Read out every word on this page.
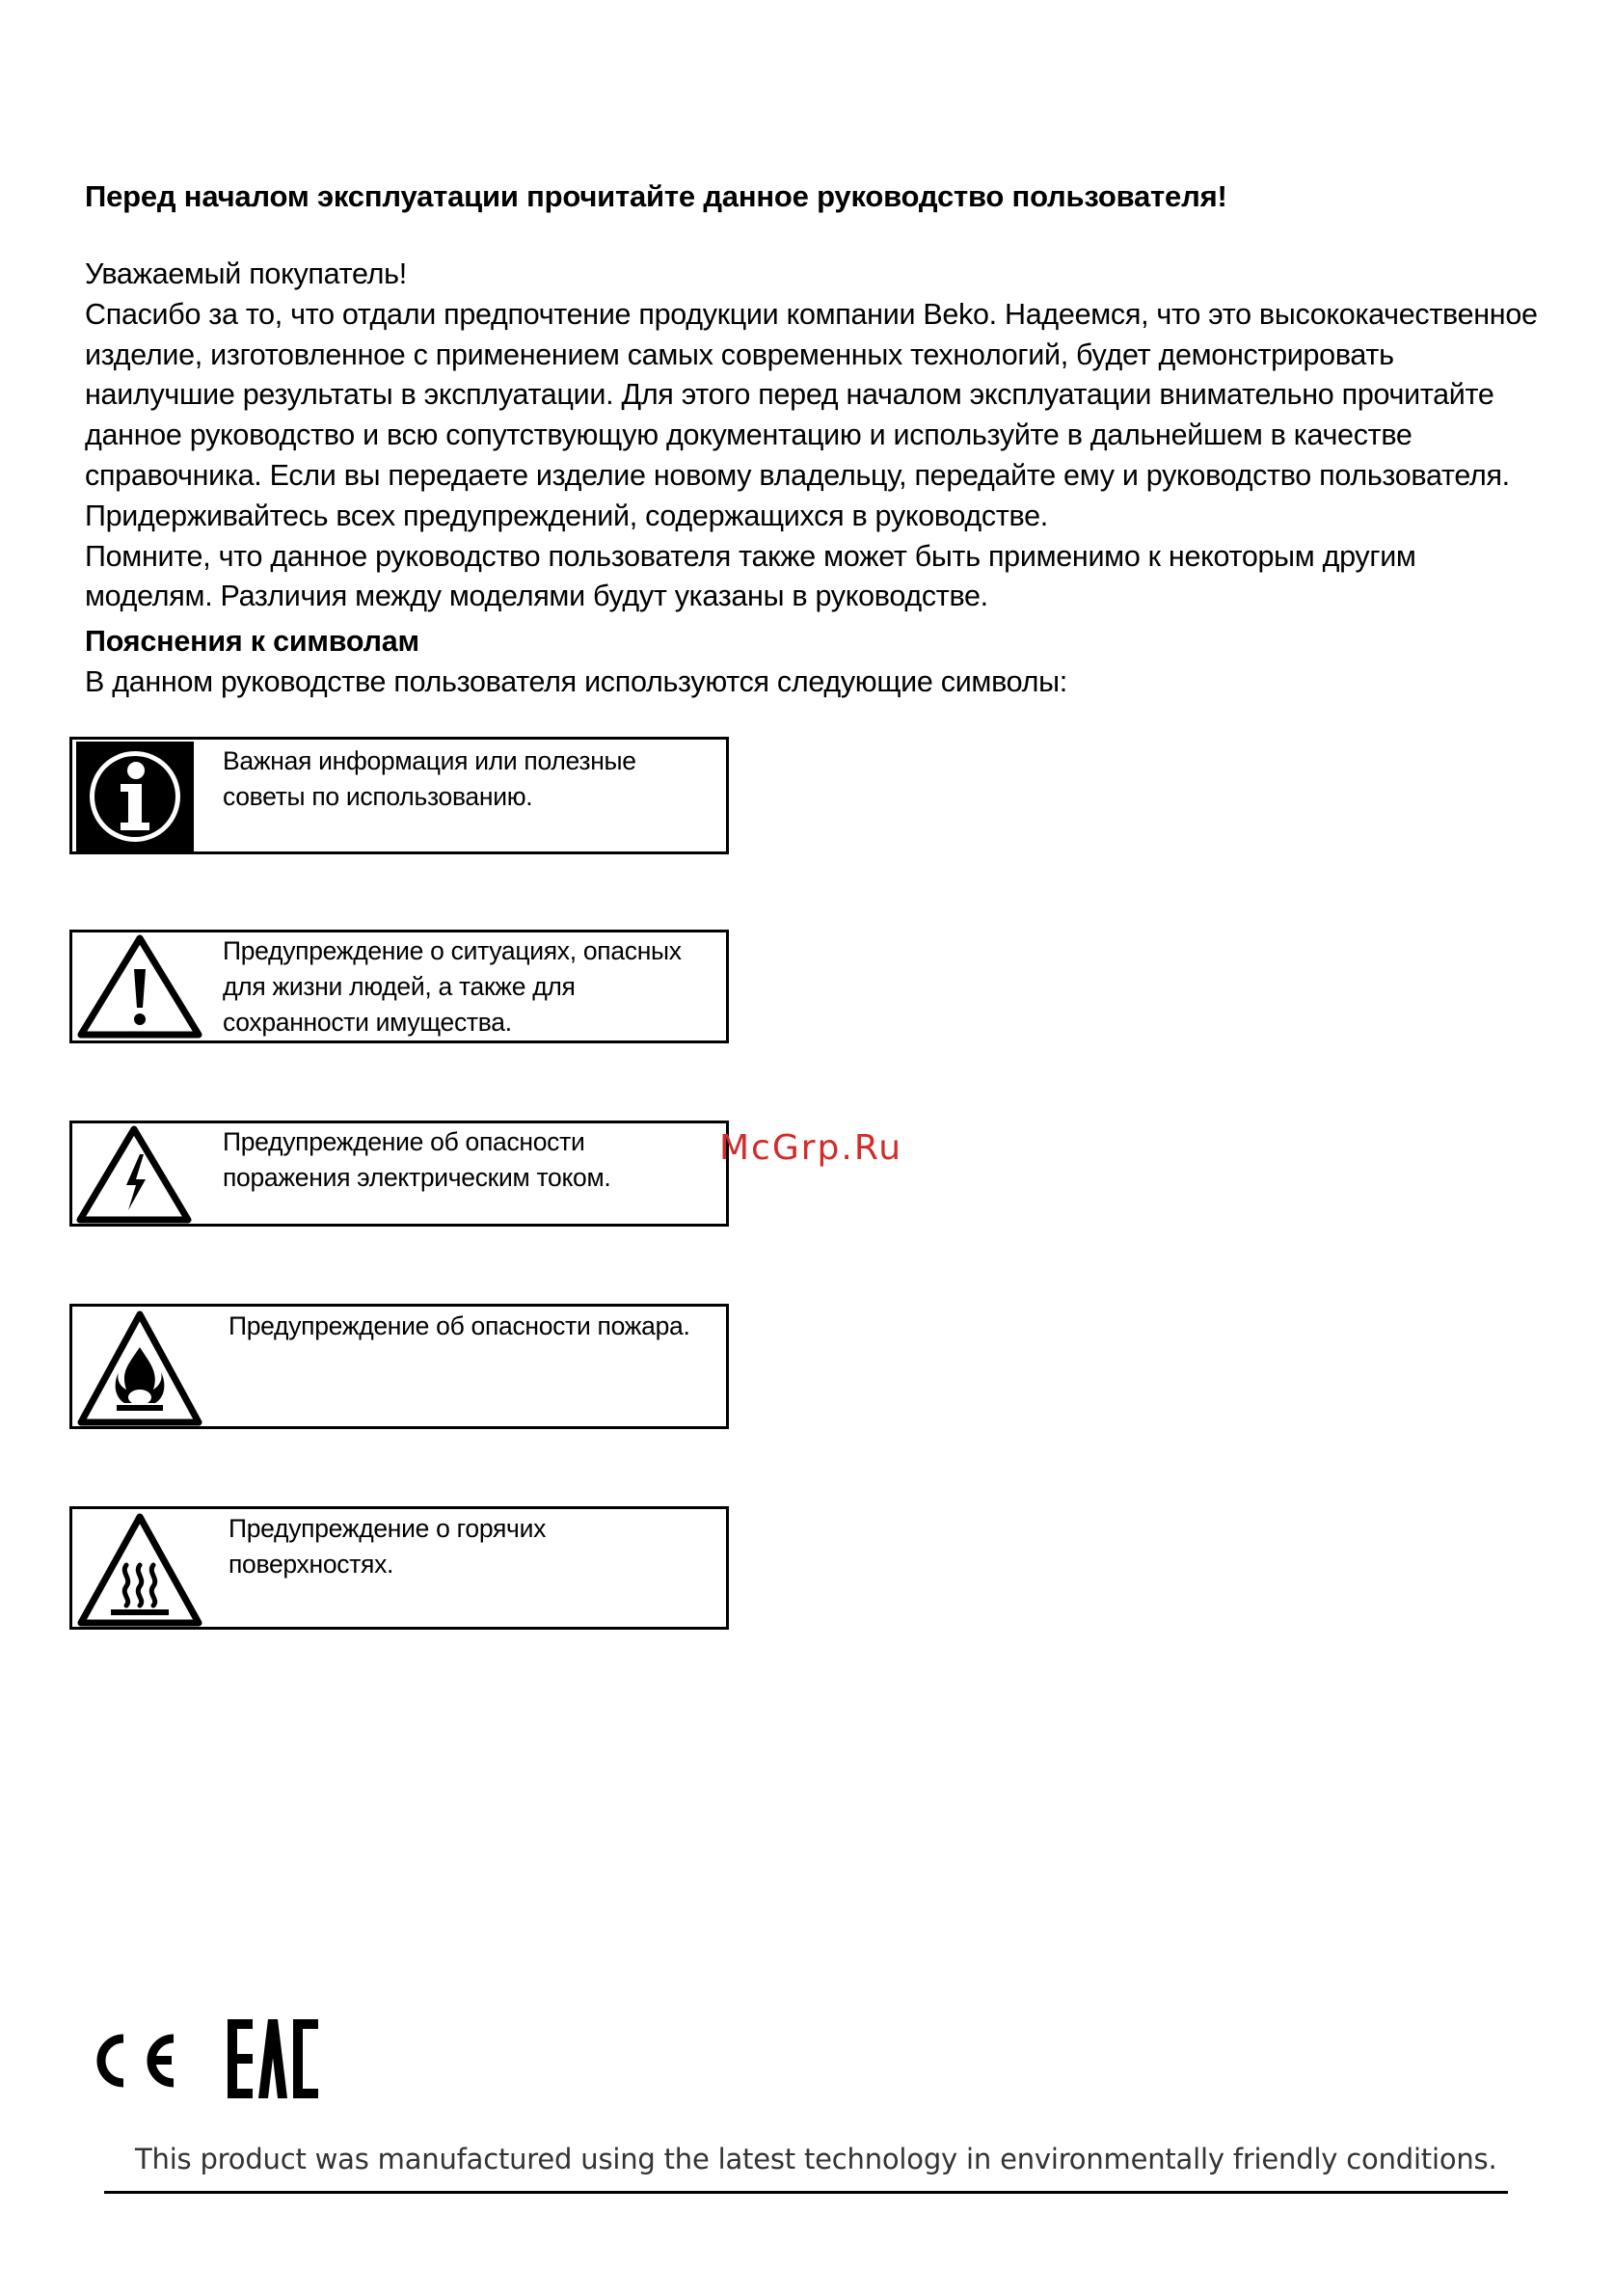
Перед началом эксплуатации прочитайте данное руководство пользователя!

Уважаемый покупатель!

Спасибо за то, что отдали предпочтение продукции компании Beko. Надеемся, что это высококачественное

изделие, изготовленное с применением самых современных технологий, будет демонстрировать

наилучшие результаты в эксплуатации. Для этого перед началом эксплуатации внимательно прочитайте

данное руководство и всю сопутствующую документацию и используйте в дальнейшем в качестве

справочника. Если вы передаете изделие новому владельцу, передайте ему и руководство пользователя.

Придерживайтесь всех предупреждений, содержащихся в руководстве.

Помните, что данное руководство пользователя также может быть применимо к некоторым другим

моделям. Различия между моделями будут указаны в руководстве.

Пояснения к символам
В данном руководстве пользователя используются следующие символы:
Важная информация или полезные
советы по использованию.
Предупреждение о ситуациях, опасных
для жизни людей, а также для
сохранности имущества.
Предупреждение об опасности
поражения электрическим током.
Предупреждение об опасности пожара.
Предупреждение о горячих
поверхностях.
McGrp.Ru
This product was manufactured using the latest technology in environmentally friendly conditions.
